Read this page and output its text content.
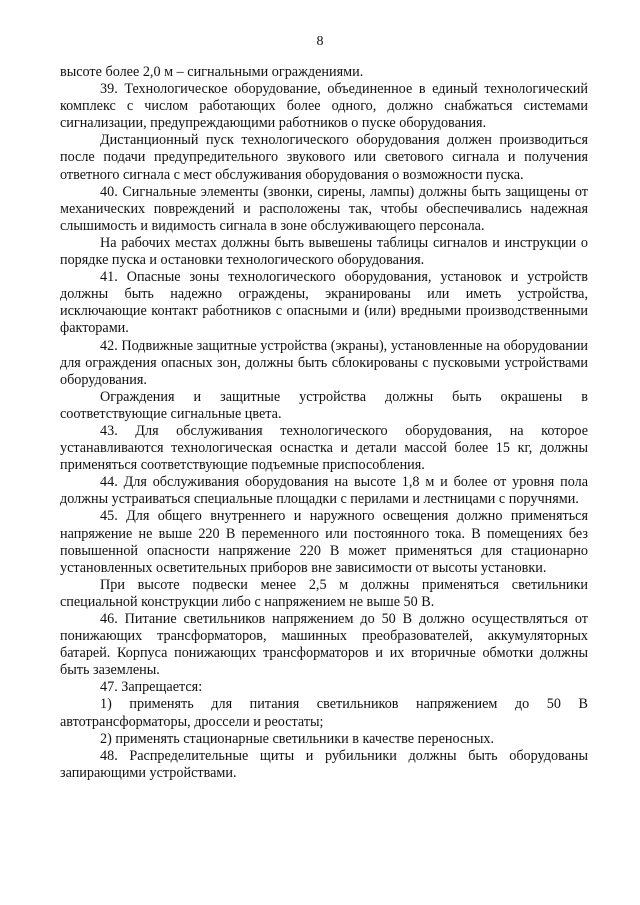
8

высоте более 2,0 м – сигнальными ограждениями.

39. Технологическое оборудование, объединенное в единый технологический комплекс с числом работающих более одного, должно снабжаться системами сигнализации, предупреждающими работников о пуске оборудования.

Дистанционный пуск технологического оборудования должен производиться после подачи предупредительного звукового или светового сигнала и получения ответного сигнала с мест обслуживания оборудования о возможности пуска.

40. Сигнальные элементы (звонки, сирены, лампы) должны быть защищены от механических повреждений и расположены так, чтобы обеспечивались надежная слышимость и видимость сигнала в зоне обслуживающего персонала.

На рабочих местах должны быть вывешены таблицы сигналов и инструкции о порядке пуска и остановки технологического оборудования.

41. Опасные зоны технологического оборудования, установок и устройств должны быть надежно ограждены, экранированы или иметь устройства, исключающие контакт работников с опасными и (или) вредными производственными факторами.

42. Подвижные защитные устройства (экраны), установленные на оборудовании для ограждения опасных зон, должны быть сблокированы с пусковыми устройствами оборудования.

Ограждения и защитные устройства должны быть окрашены в соответствующие сигнальные цвета.

43. Для обслуживания технологического оборудования, на которое устанавливаются технологическая оснастка и детали массой более 15 кг, должны применяться соответствующие подъемные приспособления.

44. Для обслуживания оборудования на высоте 1,8 м и более от уровня пола должны устраиваться специальные площадки с перилами и лестницами с поручнями.

45. Для общего внутреннего и наружного освещения должно применяться напряжение не выше 220 В переменного или постоянного тока. В помещениях без повышенной опасности напряжение 220 В может применяться для стационарно установленных осветительных приборов вне зависимости от высоты установки.

При высоте подвески менее 2,5 м должны применяться светильники специальной конструкции либо с напряжением не выше 50 В.

46. Питание светильников напряжением до 50 В должно осуществляться от понижающих трансформаторов, машинных преобразователей, аккумуляторных батарей. Корпуса понижающих трансформаторов и их вторичные обмотки должны быть заземлены.

47. Запрещается:

1) применять для питания светильников напряжением до 50 В автотрансформаторы, дроссели и реостаты;

2) применять стационарные светильники в качестве переносных.

48. Распределительные щиты и рубильники должны быть оборудованы запирающими устройствами.
